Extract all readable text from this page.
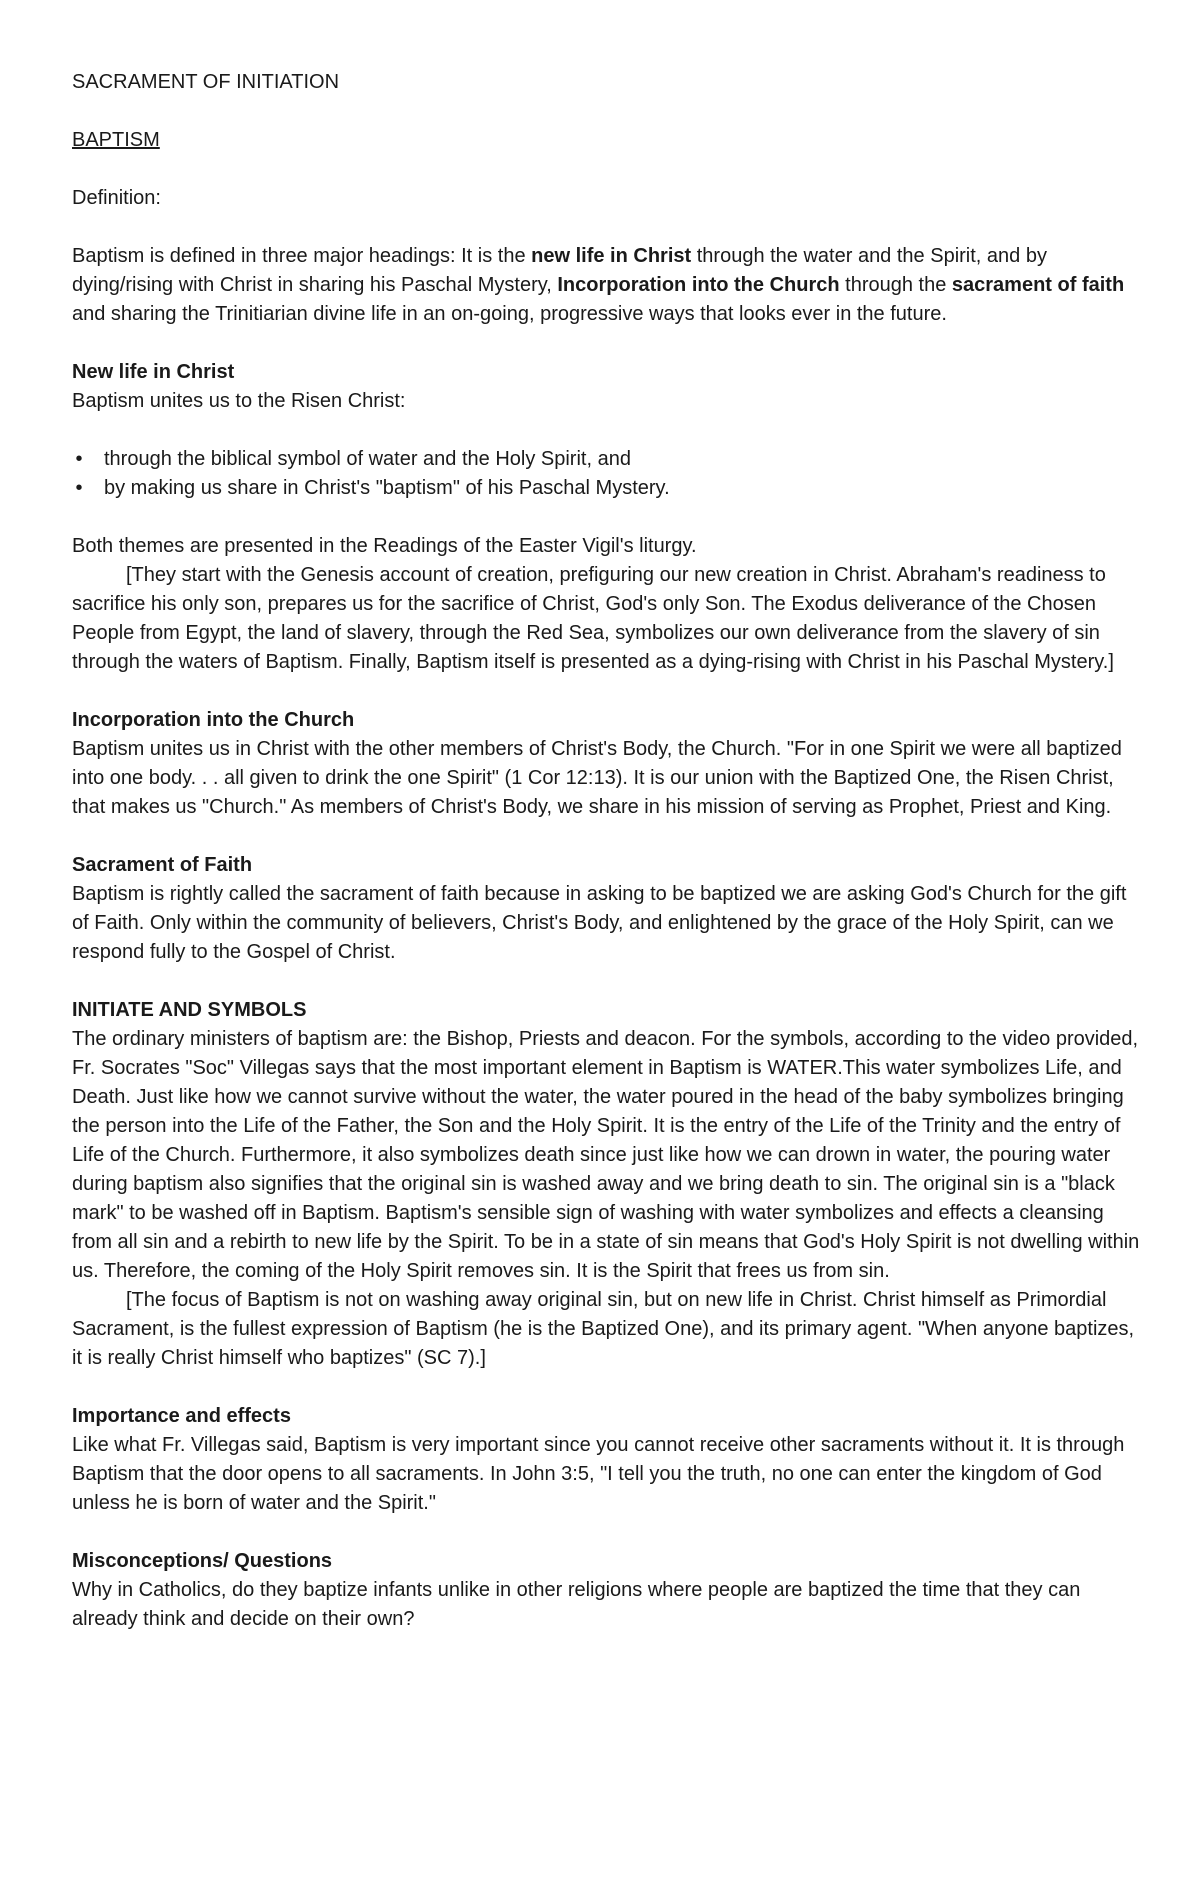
SACRAMENT OF INITIATION

BAPTISM

Definition:

Baptism is defined in three major headings: It is the new life in Christ through the water and the Spirit, and by dying/rising with Christ in sharing his Paschal Mystery, Incorporation into the Church through the sacrament of faith and sharing the Trinitiarian divine life in an on-going, progressive ways that looks ever in the future.

New life in Christ

Baptism unites us to the Risen Christ:

• through the biblical symbol of water and the Holy Spirit, and
• by making us share in Christ's "baptism" of his Paschal Mystery.

Both themes are presented in the Readings of the Easter Vigil's liturgy.

[They start with the Genesis account of creation, prefiguring our new creation in Christ. Abraham's readiness to sacrifice his only son, prepares us for the sacrifice of Christ, God's only Son. The Exodus deliverance of the Chosen People from Egypt, the land of slavery, through the Red Sea, symbolizes our own deliverance from the slavery of sin through the waters of Baptism. Finally, Baptism itself is presented as a dying-rising with Christ in his Paschal Mystery.]

Incorporation into the Church

Baptism unites us in Christ with the other members of Christ's Body, the Church. "For in one Spirit we were all baptized into one body. . . all given to drink the one Spirit" (1 Cor 12:13). It is our union with the Baptized One, the Risen Christ, that makes us "Church." As members of Christ's Body, we share in his mission of serving as Prophet, Priest and King.

Sacrament of Faith

Baptism is rightly called the sacrament of faith because in asking to be baptized we are asking God's Church for the gift of Faith. Only within the community of believers, Christ's Body, and enlightened by the grace of the Holy Spirit, can we respond fully to the Gospel of Christ.

INITIATE AND SYMBOLS

The ordinary ministers of baptism are: the Bishop, Priests and deacon. For the symbols, according to the video provided, Fr. Socrates "Soc" Villegas says that the most important element in Baptism is WATER.This water symbolizes Life, and Death. Just like how we cannot survive without the water, the water poured in the head of the baby symbolizes bringing the person into the Life of the Father, the Son and the Holy Spirit. It is the entry of the Life of the Trinity and the entry of Life of the Church. Furthermore, it also symbolizes death since just like how we can drown in water, the pouring water during baptism also signifies that the original sin is washed away and we bring death to sin. The original sin is a "black mark" to be washed off in Baptism. Baptism's sensible sign of washing with water symbolizes and effects a cleansing from all sin and a rebirth to new life by the Spirit. To be in a state of sin means that God's Holy Spirit is not dwelling within us. Therefore, the coming of the Holy Spirit removes sin. It is the Spirit that frees us from sin.

[The focus of Baptism is not on washing away original sin, but on new life in Christ. Christ himself as Primordial Sacrament, is the fullest expression of Baptism (he is the Baptized One), and its primary agent. "When anyone baptizes, it is really Christ himself who baptizes" (SC 7).]

Importance and effects

Like what Fr. Villegas said, Baptism is very important since you cannot receive other sacraments without it. It is through Baptism that the door opens to all sacraments. In John 3:5, "I tell you the truth, no one can enter the kingdom of God unless he is born of water and the Spirit."

Misconceptions/ Questions

Why in Catholics, do they baptize infants unlike in other religions where people are baptized the time that they can already think and decide on their own?
